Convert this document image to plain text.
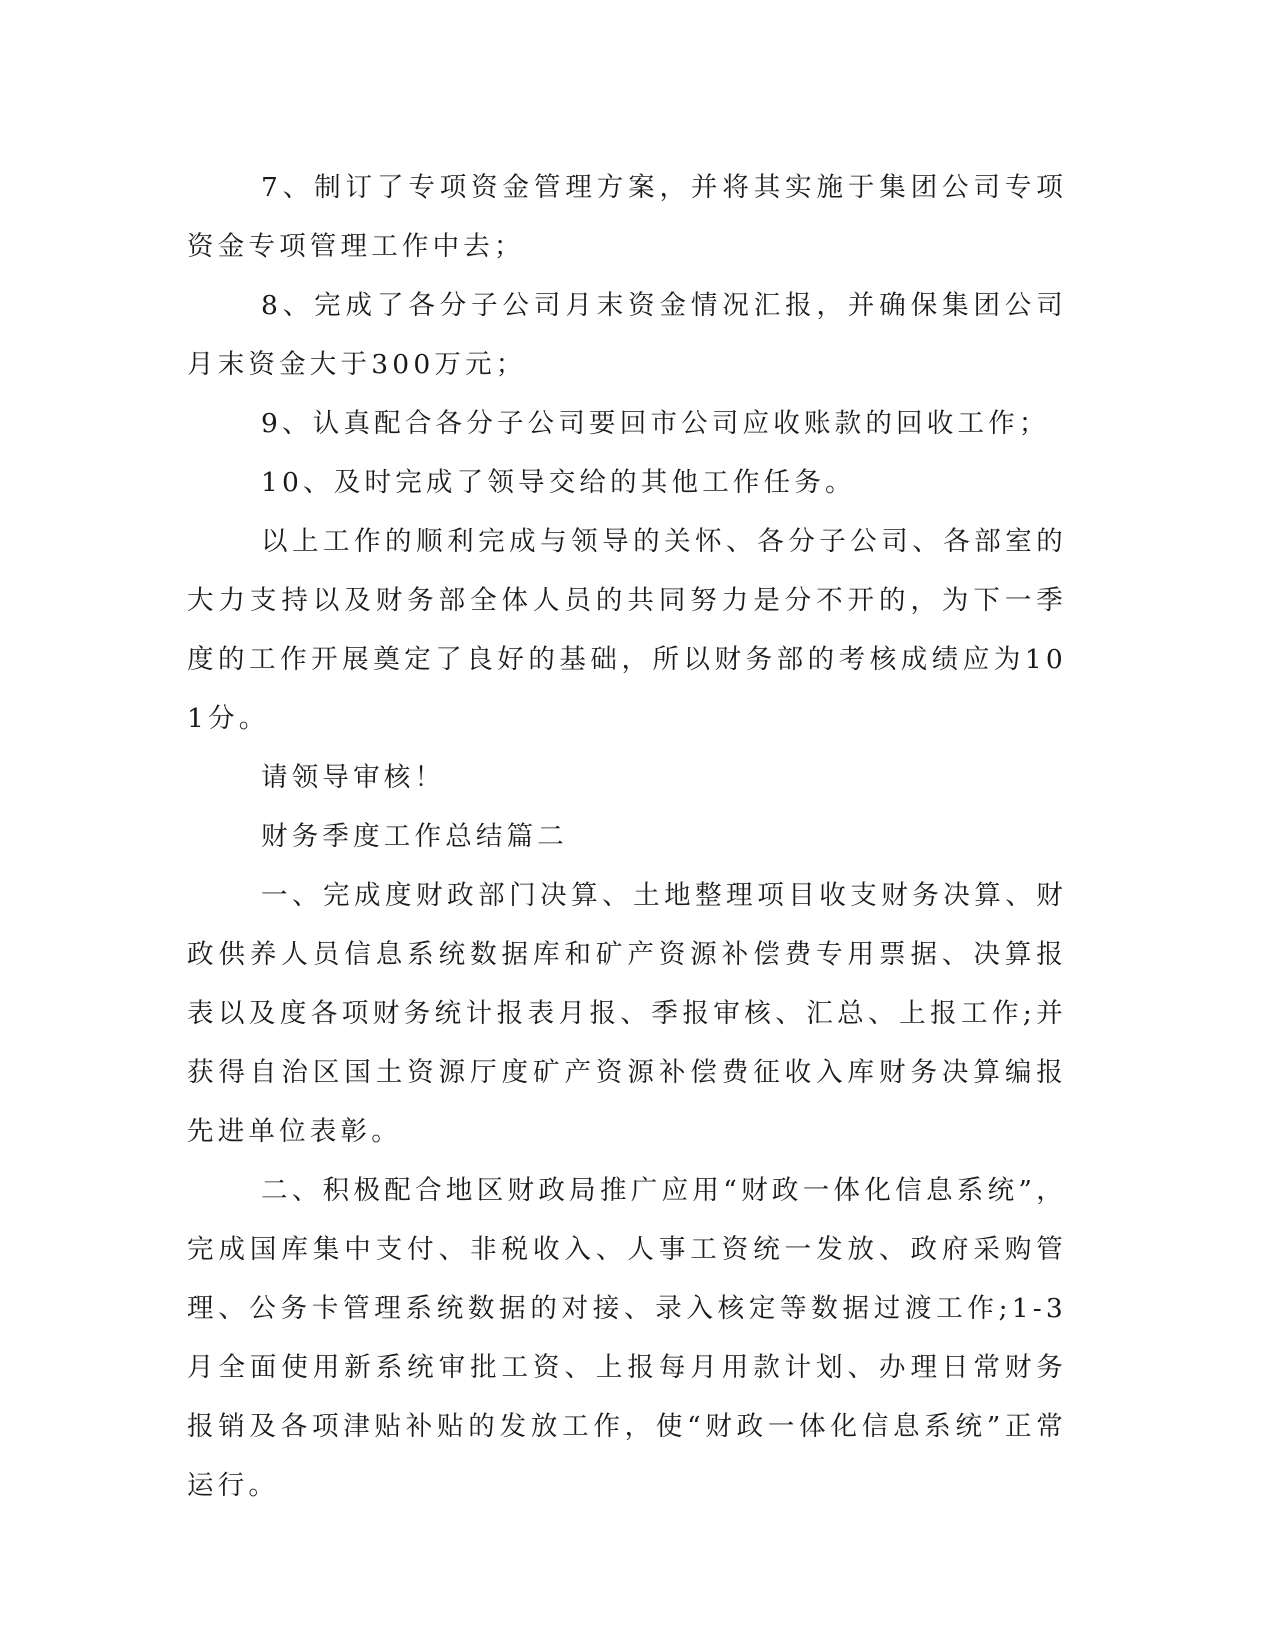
7、制订了专项资金管理方案，并将其实施于集团公司专项资金专项管理工作中去；

8、完成了各分子公司月末资金情况汇报，并确保集团公司月末资金大于300万元；

9、认真配合各分子公司要回市公司应收账款的回收工作；

10、及时完成了领导交给的其他工作任务。

以上工作的顺利完成与领导的关怀、各分子公司、各部室的大力支持以及财务部全体人员的共同努力是分不开的，为下一季度的工作开展奠定了良好的基础，所以财务部的考核成绩应为101分。

请领导审核！

财务季度工作总结篇二

一、完成度财政部门决算、土地整理项目收支财务决算、财政供养人员信息系统数据库和矿产资源补偿费专用票据、决算报表以及度各项财务统计报表月报、季报审核、汇总、上报工作;并获得自治区国土资源厅度矿产资源补偿费征收入库财务决算编报先进单位表彰。

二、积极配合地区财政局推广应用“财政一体化信息系统”，完成国库集中支付、非税收入、人事工资统一发放、政府采购管理、公务卡管理系统数据的对接、录入核定等数据过渡工作;1-3月全面使用新系统审批工资、上报每月用款计划、办理日常财务报销及各项津贴补贴的发放工作，使“财政一体化信息系统”正常运行。
